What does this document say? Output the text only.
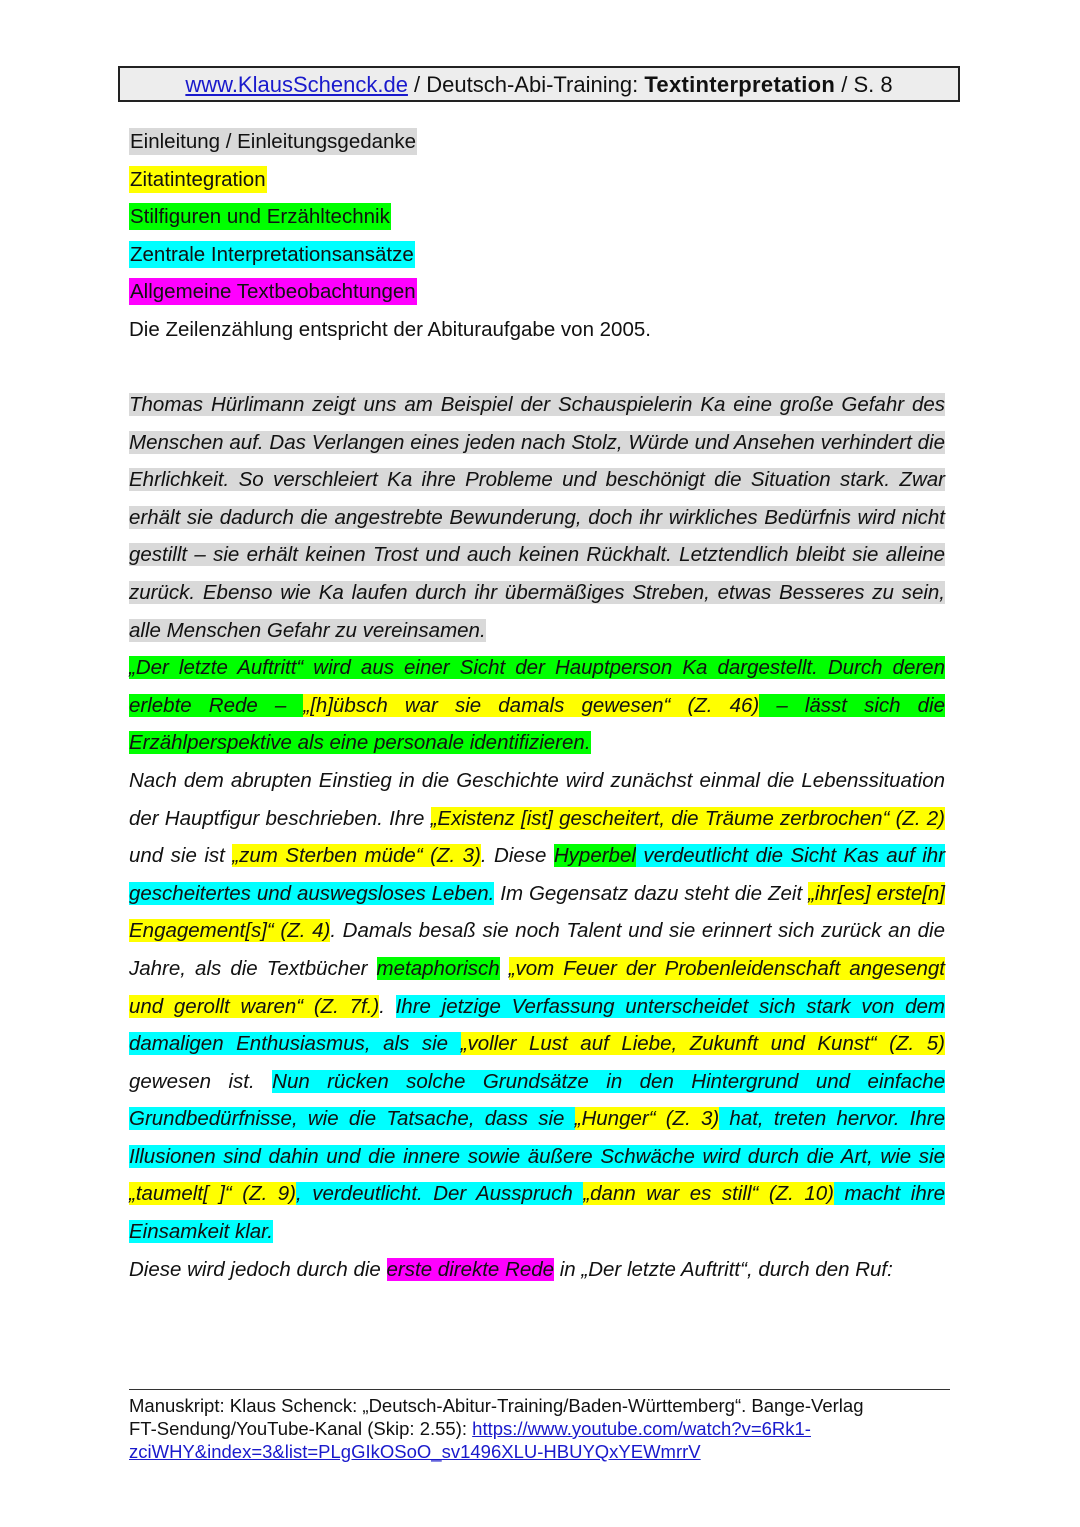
www.KlausSchenck.de / Deutsch-Abi-Training: Textinterpretation / S. 8
Einleitung / Einleitungsgedanke
Zitatintegration
Stilfiguren und Erzähltechnik
Zentrale Interpretationsansätze
Allgemeine Textbeobachtungen
Die Zeilenzählung entspricht der Abituraufgabe von 2005.

Thomas Hürlimann zeigt uns am Beispiel der Schauspielerin Ka eine große Gefahr des Menschen auf. Das Verlangen eines jeden nach Stolz, Würde und Ansehen verhindert die Ehrlichkeit. So verschleiert Ka ihre Probleme und beschönigt die Situation stark. Zwar erhält sie dadurch die angestrebte Bewunderung, doch ihr wirkliches Bedürfnis wird nicht gestillt – sie erhält keinen Trost und auch keinen Rückhalt. Letztendlich bleibt sie alleine zurück. Ebenso wie Ka laufen durch ihr übermäßiges Streben, etwas Besseres zu sein, alle Menschen Gefahr zu vereinsamen.

„Der letzte Auftritt“ wird aus einer Sicht der Hauptperson Ka dargestellt. Durch deren erlebte Rede – „[h]übsch war sie damals gewesen“ (Z. 46) – lässt sich die Erzählperspektive als eine personale identifizieren.

Nach dem abrupten Einstieg in die Geschichte wird zunächst einmal die Lebenssituation der Hauptfigur beschrieben. Ihre „Existenz [ist] gescheitert, die Träume zerbrochen“ (Z. 2) und sie ist „zum Sterben müde“ (Z. 3). Diese Hyperbel verdeutlicht die Sicht Kas auf ihr gescheitertes und auswegsloses Leben. Im Gegensatz dazu steht die Zeit „ihr[es] erste[n] Engagement[s]“ (Z. 4). Damals besaß sie noch Talent und sie erinnert sich zurück an die Jahre, als die Textbücher metaphorisch „vom Feuer der Probenleidenschaft angesengt und gerollt waren“ (Z. 7f.). Ihre jetzige Verfassung unterscheidet sich stark von dem damaligen Enthusiasmus, als sie „voller Lust auf Liebe, Zukunft und Kunst“ (Z. 5) gewesen ist. Nun rücken solche Grundsätze in den Hintergrund und einfache Grundbedürfnisse, wie die Tatsache, dass sie „Hunger“ (Z. 3) hat, treten hervor. Ihre Illusionen sind dahin und die innere sowie äußere Schwäche wird durch die Art, wie sie „taumelt[ ]“ (Z. 9), verdeutlicht. Der Ausspruch „dann war es still“ (Z. 10) macht ihre Einsamkeit klar.

Diese wird jedoch durch die erste direkte Rede in „Der letzte Auftritt“, durch den Ruf:

Manuskript: Klaus Schenck: „Deutsch-Abitur-Training/Baden-Württemberg“. Bange-Verlag
FT-Sendung/YouTube-Kanal (Skip: 2.55): https://www.youtube.com/watch?v=6Rk1-zciWHY&index=3&list=PLgGIkOSoO_sv1496XLU-HBUYQxYEWmrrV
